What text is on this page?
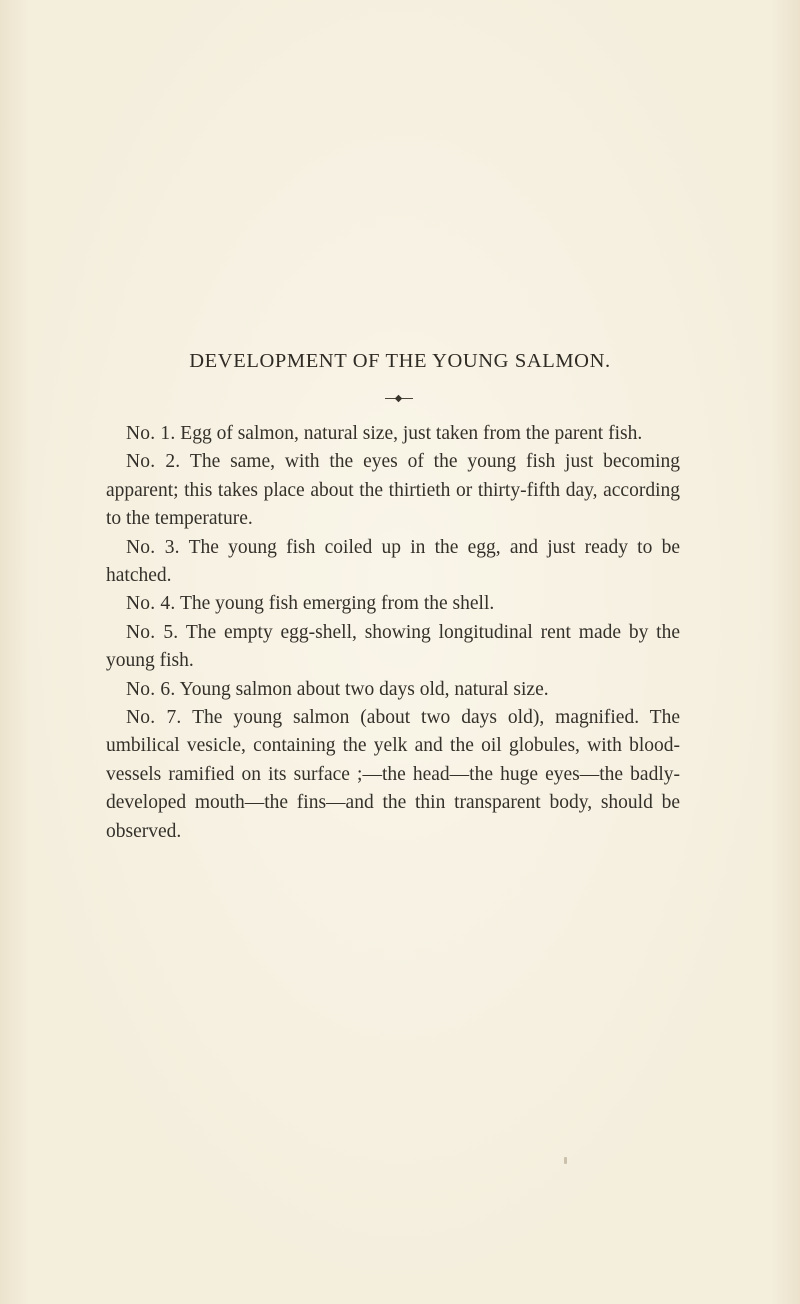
DEVELOPMENT OF THE YOUNG SALMON.

No. 1. Egg of salmon, natural size, just taken from the parent fish.

No. 2. The same, with the eyes of the young fish just becoming apparent; this takes place about the thirtieth or thirty-fifth day, according to the temperature.

No. 3. The young fish coiled up in the egg, and just ready to be hatched.

No. 4. The young fish emerging from the shell.

No. 5. The empty egg-shell, showing longitudinal rent made by the young fish.

No. 6. Young salmon about two days old, natural size.

No. 7. The young salmon (about two days old), magnified. The umbilical vesicle, containing the yelk and the oil globules, with blood-vessels ramified on its surface ;—the head—the huge eyes—the badly-developed mouth—the fins—and the thin transparent body, should be observed.
